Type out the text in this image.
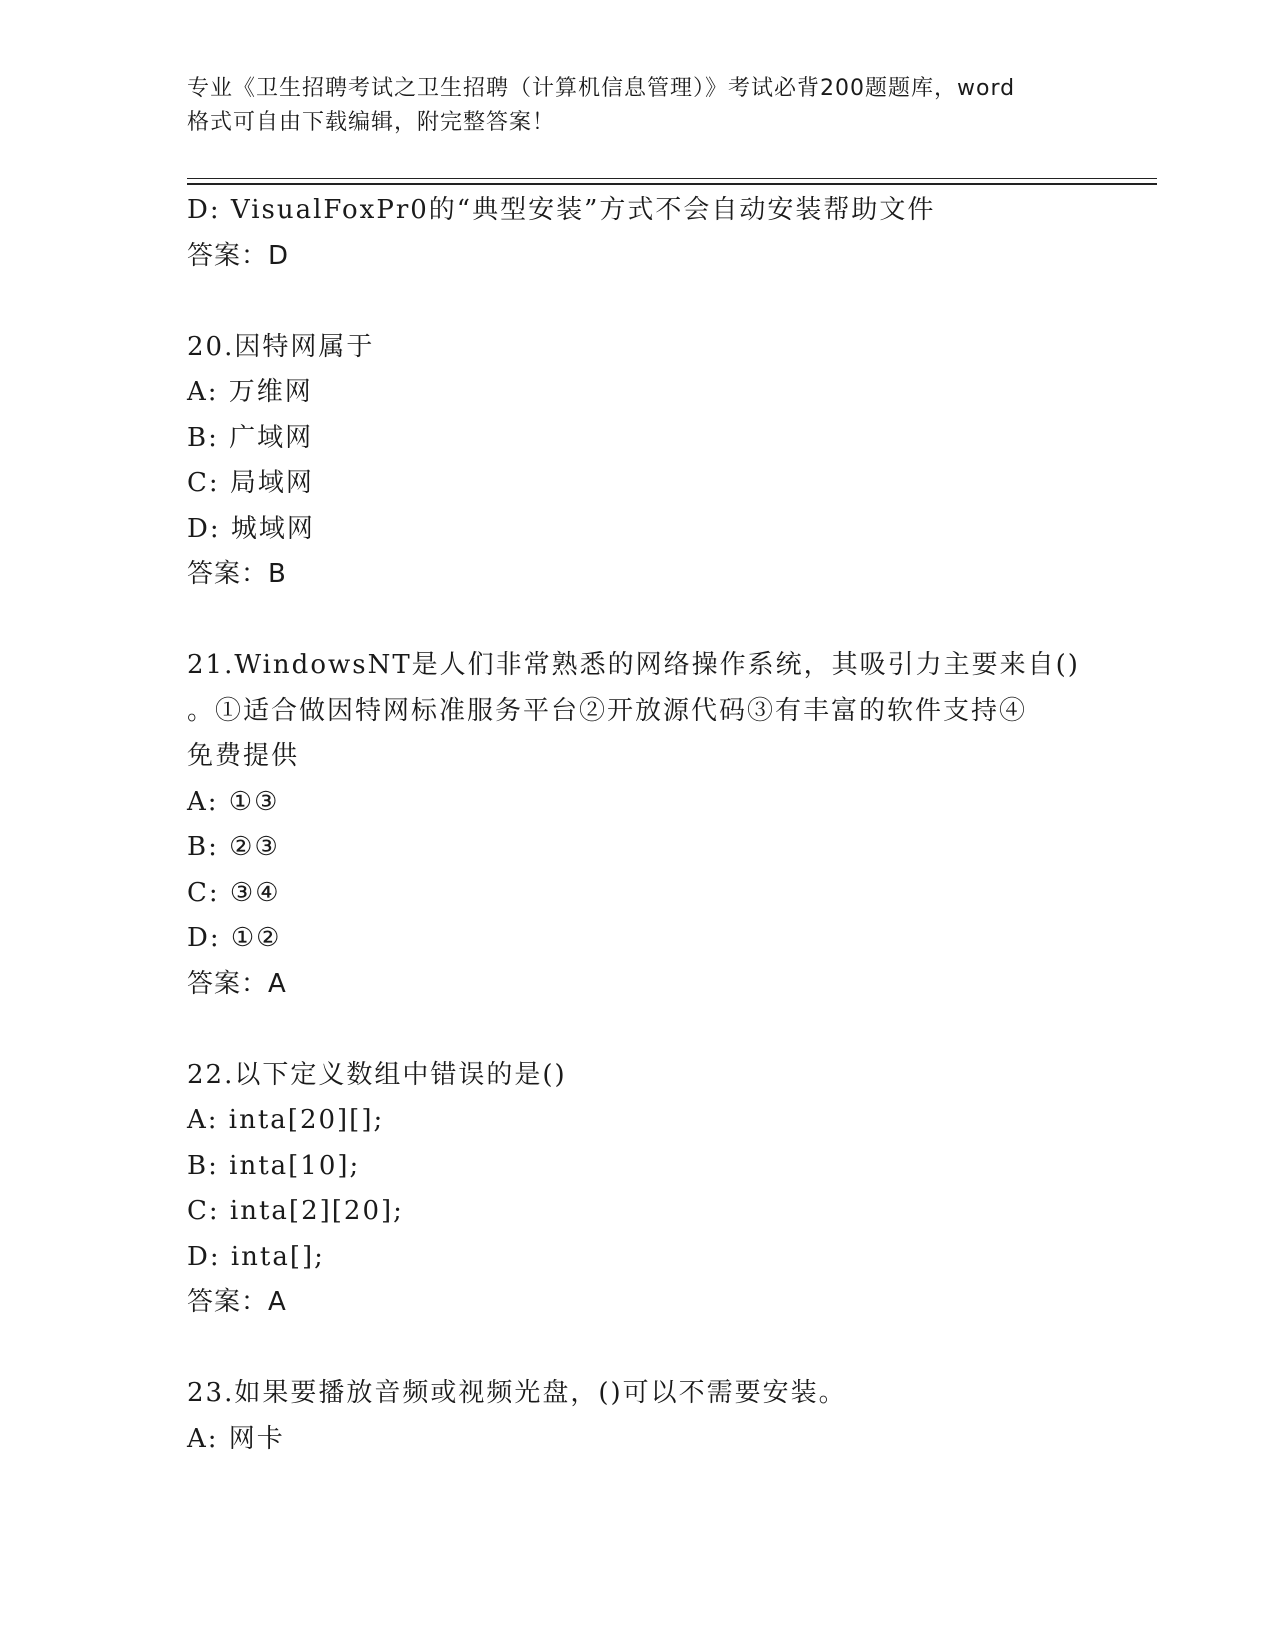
专业《卫生招聘考试之卫生招聘（计算机信息管理）》考试必背200题题库，word
格式可自由下载编辑，附完整答案！
D: VisualFoxPr0的“典型安装”方式不会自动安装帮助文件
答案：D
20.因特网属于
A: 万维网
B: 广域网
C: 局域网
D: 城域网
答案：B
21.WindowsNT是人们非常熟悉的网络操作系统，其吸引力主要来自()
。①适合做因特网标准服务平台②开放源代码③有丰富的软件支持④
免费提供
A: ①③
B: ②③
C: ③④
D: ①②
答案：A
22.以下定义数组中错误的是()
A: inta[20][];
B: inta[10];
C: inta[2][20];
D: inta[];
答案：A
23.如果要播放音频或视频光盘，()可以不需要安装。
A: 网卡
